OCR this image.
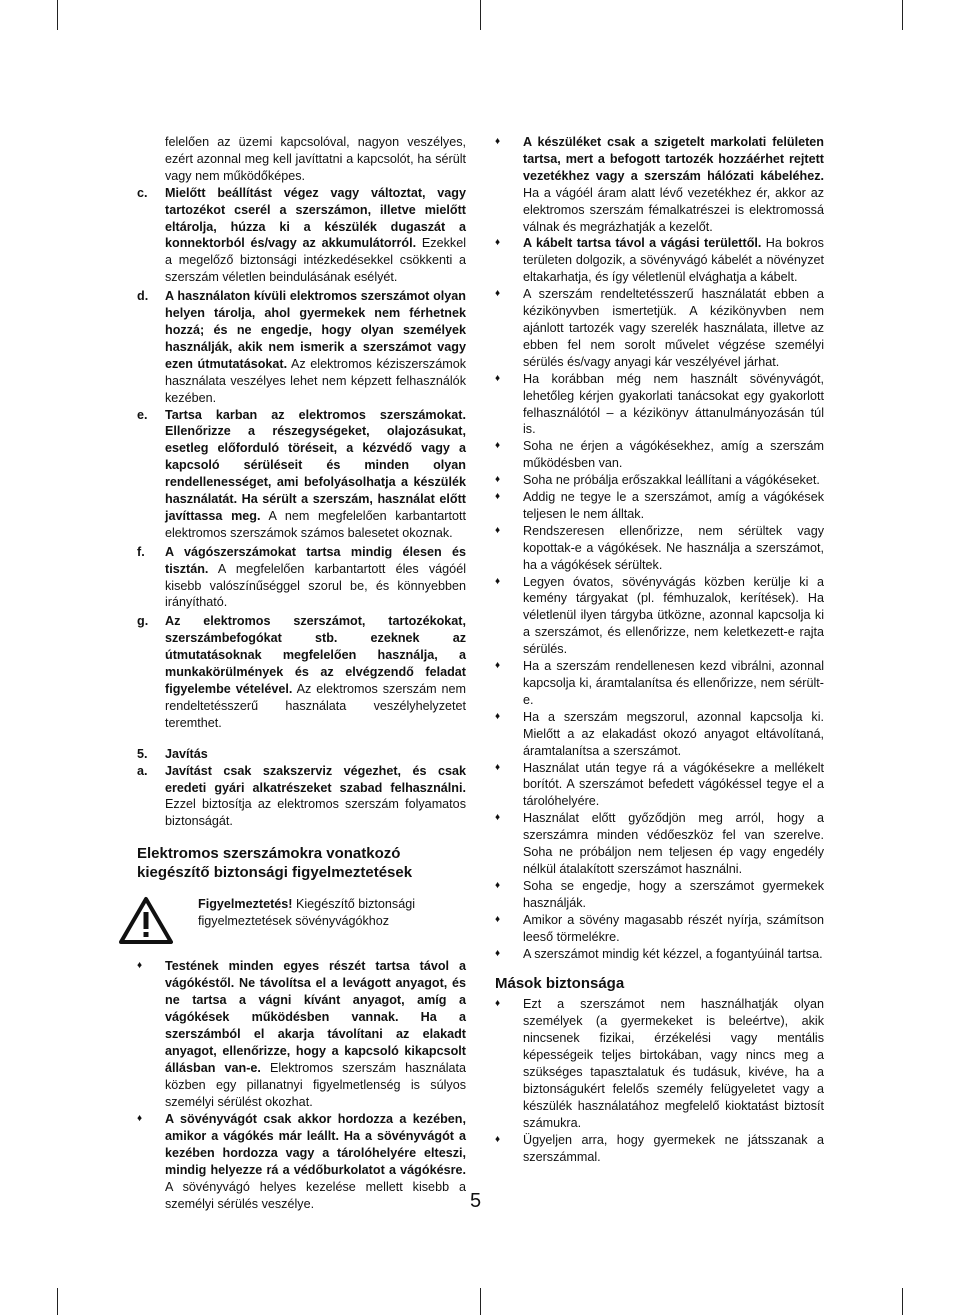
felelően az üzemi kapcsolóval, nagyon veszélyes, ezért azonnal meg kell javíttatni a kapcsolót, ha sérült vagy nem működőképes.
c.	Mielőtt beállítást végez vagy változtat, vagy tartozékot cserél a szerszámon, illetve mielőtt eltárolja, húzza ki a készülék dugaszát a konnektorból és/vagy az akkumulátorról. Ezekkel a megelőző biztonsági intézkedésekkel csökkenti a szerszám véletlen beindulásának esélyét.
d.	A használaton kívüli elektromos szerszámot olyan helyen tárolja, ahol gyermekek nem férhetnek hozzá; és ne engedje, hogy olyan személyek használják, akik nem ismerik a szerszámot vagy ezen útmutatásokat. Az elektromos kéziszerszámok használata veszélyes lehet nem képzett felhasználók kezében.
e.	Tartsa karban az elektromos szerszámokat. Ellenőrizze a részegységeket, olajozásukat, esetleg előforduló töréseit, a kézvédő vagy a kapcsoló sérüléseit és minden olyan rendellenességet, ami befolyásolhatja a készülék használatát. Ha sérült a szerszám, használat előtt javíttassa meg. A nem megfelelően karbantartott elektromos szerszámok számos balesetet okoznak.
f.	A vágószerszámokat tartsa mindig élesen és tisztán. A megfelelően karbantartott éles vágóél kisebb valószínűséggel szorul be, és könnyebben irányítható.
g.	Az elektromos szerszámot, tartozékokat, szerszámbefogókat stb. ezeknek az útmutatásoknak megfelelően használja, a munkakörülmények és az elvégzendő feladat figyelembe vételével. Az elektromos szerszám nem rendeltetésszerű használata veszélyhelyzetet teremthet.
5.	Javítás
a.	Javítást csak szakszerviz végezhet, és csak eredeti gyári alkatrészeket szabad felhasználni. Ezzel biztosítja az elektromos szerszám folyamatos biztonságát.
Elektromos szerszámokra vonatkozó
kiegészítő biztonsági figyelmeztetések
Figyelmeztetés! Kiegészítő biztonsági figyelmeztetések sövényvágókhoz
♦	Testének minden egyes részét tartsa távol a vágókéstől. Ne távolítsa el a levágott anyagot, és ne tartsa a vágni kívánt anyagot, amíg a vágókések működésben vannak. Ha a szerszámból el akarja távolítani az elakadt anyagot, ellenőrizze, hogy a kapcsoló kikapcsolt állásban van-e. Elektromos szerszám használata közben egy pillanatnyi figyelmetlenség is súlyos személyi sérülést okozhat.
♦	A sövényvágót csak akkor hordozza a kezében, amikor a vágókés már leállt. Ha a sövényvágót a kezében hordozza vagy a tárolóhelyére elteszi, mindig helyezze rá a védőburkolatot a vágókésre. A sövényvágó helyes kezelése mellett kisebb a személyi sérülés veszélye.
♦	A készüléket csak a szigetelt markolati felületen tartsa, mert a befogott tartozék hozzáérhet rejtett vezetékhez vagy a szerszám hálózati kábeléhez. Ha a vágóél áram alatt lévő vezetékhez ér, akkor az elektromos szerszám fémalkatrészei is elektromossá válnak és megrázhatják a kezelőt.
♦	A kábelt tartsa távol a vágási területtől. Ha bokros területen dolgozik, a sövényvágó kábelét a növényzet eltakarhatja, és így véletlenül elvághatja a kábelt.
♦	A szerszám rendeltetésszerű használatát ebben a kézikönyvben ismertetjük. A kézikönyvben nem ajánlott tartozék vagy szerelék használata, illetve az ebben fel nem sorolt művelet végzése személyi sérülés és/vagy anyagi kár veszélyével járhat.
♦	Ha korábban még nem használt sövényvágót, lehetőleg kérjen gyakorlati tanácsokat egy gyakorlott felhasználótól – a kézikönyv áttanulmányozásán túl is.
♦	Soha ne érjen a vágókésekhez, amíg a szerszám működésben van.
♦	Soha ne próbálja erőszakkal leállítani a vágókéseket.
♦	Addig ne tegye le a szerszámot, amíg a vágókések teljesen le nem álltak.
♦	Rendszeresen ellenőrizze, nem sérültek vagy kopottak-e a vágókések. Ne használja a szerszámot, ha a vágókések sérültek.
♦	Legyen óvatos, sövényvágás közben kerülje ki a kemény tárgyakat (pl. fémhuzalok, kerítések). Ha véletlenül ilyen tárgyba ütközne, azonnal kapcsolja ki a szerszámot, és ellenőrizze, nem keletkezett-e rajta sérülés.
♦	Ha a szerszám rendellenesen kezd vibrálni, azonnal kapcsolja ki, áramtalanítsa és ellenőrizze, nem sérült-e.
♦	Ha a szerszám megszorul, azonnal kapcsolja ki. Mielőtt a az elakadást okozó anyagot eltávolítaná, áramtalanítsa a szerszámot.
♦	Használat után tegye rá a vágókésekre a mellékelt borítót. A szerszámot befedett vágókéssel tegye el a tárolóhelyére.
♦	Használat előtt győződjön meg arról, hogy a szerszámra minden védőeszköz fel van szerelve. Soha ne próbáljon nem teljesen ép vagy engedély nélkül átalakított szerszámot használni.
♦	Soha se engedje, hogy a szerszámot gyermekek használják.
♦	Amikor a sövény magasabb részét nyírja, számítson leeső törmelékre.
♦	A szerszámot mindig két kézzel, a fogantyúinál tartsa.
Mások biztonsága
♦	Ezt a szerszámot nem használhatják olyan személyek (a gyermekeket is beleértve), akik nincsenek fizikai, érzékelési vagy mentális képességeik teljes birtokában, vagy nincs meg a szükséges tapasztalatuk és tudásuk, kivéve, ha a biztonságukért felelős személy felügyeletet vagy a készülék használatához megfelelő kioktatást biztosít számukra.
♦	Ügyeljen arra, hogy gyermekek ne játsszanak a szerszámmal.
5
